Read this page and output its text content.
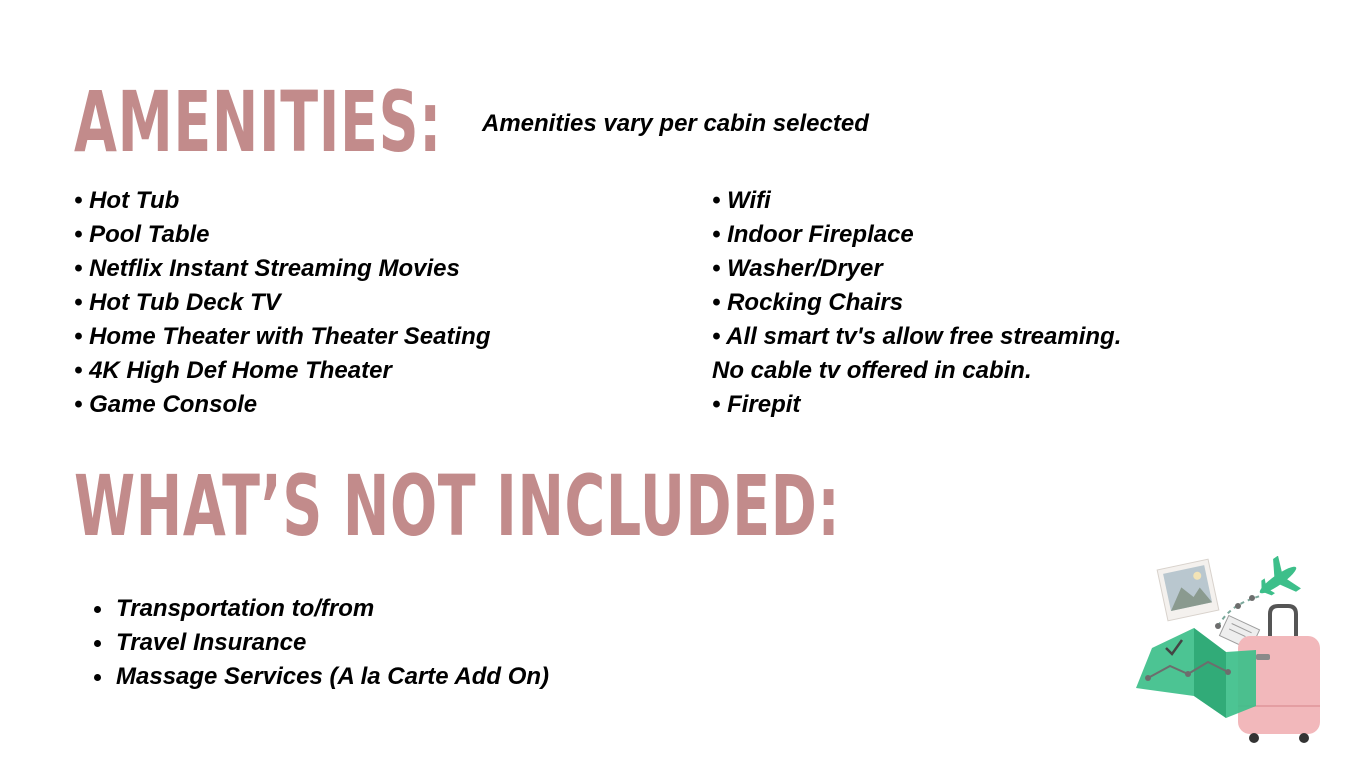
AMENITIES: Amenities vary per cabin selected
• Hot Tub
• Pool Table
• Netflix Instant Streaming Movies
• Hot Tub Deck TV
• Home Theater with Theater Seating
• 4K High Def Home Theater
• Game Console
• Wifi
• Indoor Fireplace
• Washer/Dryer
• Rocking Chairs
• All smart tv's allow free streaming.
No cable tv offered in cabin.
• Firepit
WHAT’S NOT INCLUDED:
Transportation to/from
Travel Insurance
Massage Services (A la Carte Add On)
